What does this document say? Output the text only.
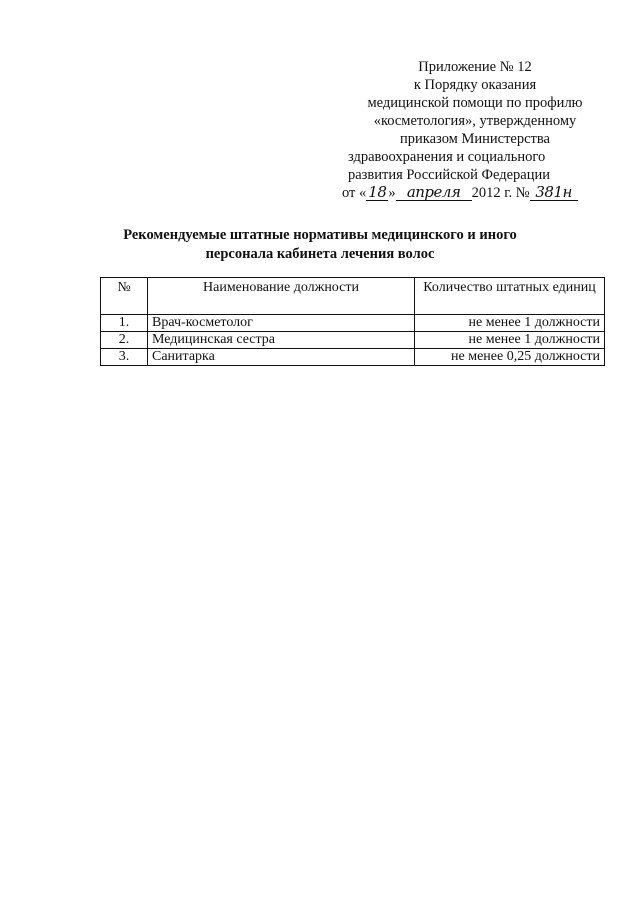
Приложение № 12
к Порядку оказания
медицинской помощи по профилю
«косметология», утвержденному
приказом Министерства
здравоохранения и социального
развития Российской Федерации
от « 18 » апреля 2012 г. № 381н
Рекомендуемые штатные нормативы медицинского и иного
персонала кабинета лечения волос
№	Наименование должности	Количество штатных единиц
1.	Врач-косметолог	не менее 1 должности
2.	Медицинская сестра	не менее 1 должности
3.	Санитарка	не менее 0,25 должности
